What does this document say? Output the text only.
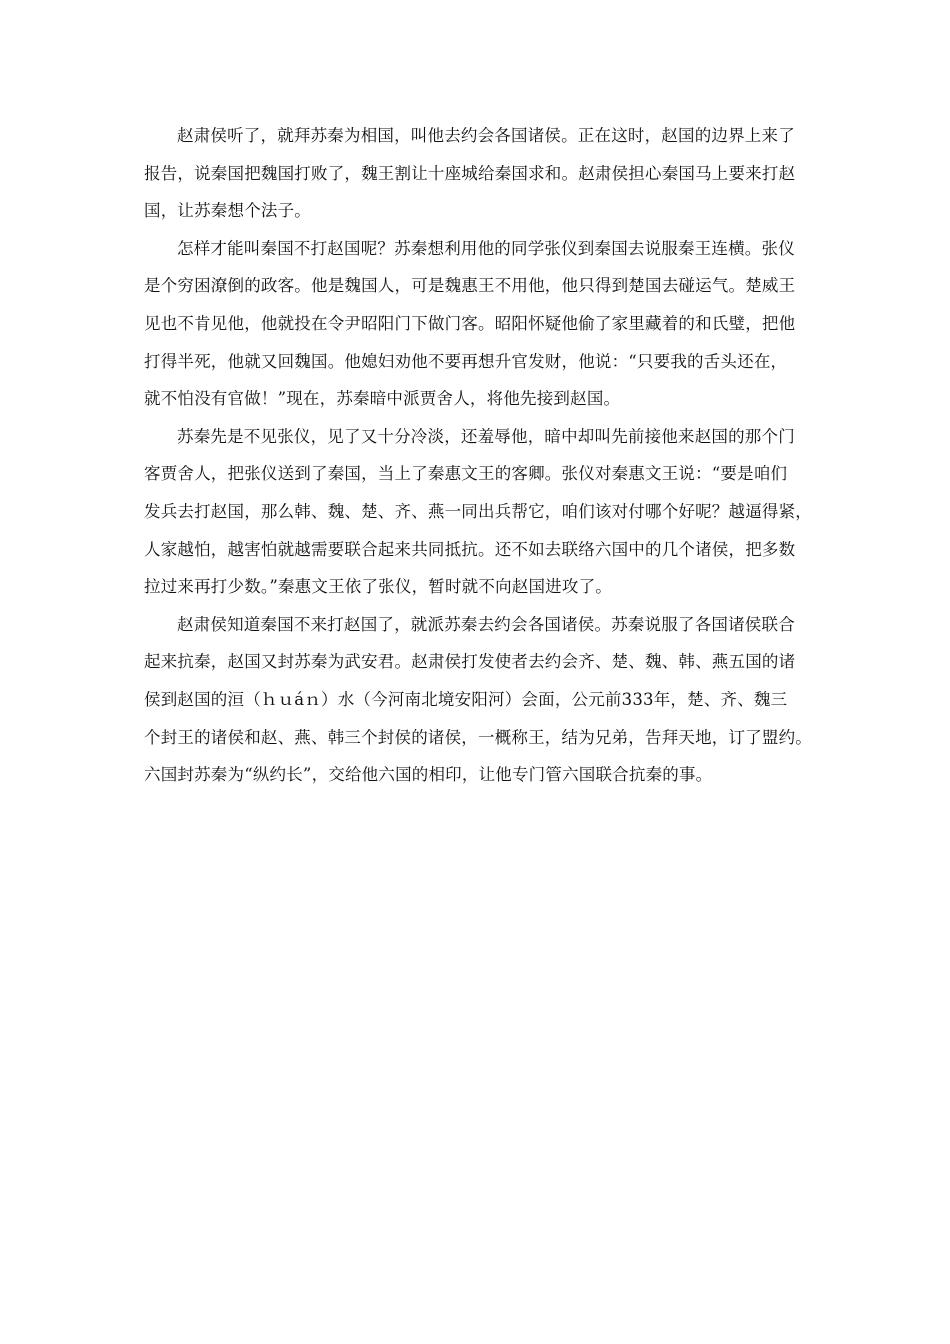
赵肃侯听了，就拜苏秦为相国，叫他去约会各国诸侯。正在这时，赵国的边界上来了
报告，说秦国把魏国打败了，魏王割让十座城给秦国求和。赵肃侯担心秦国马上要来打赵
国，让苏秦想个法子。

怎样才能叫秦国不打赵国呢？苏秦想利用他的同学张仪到秦国去说服秦王连横。张仪
是个穷困潦倒的政客。他是魏国人，可是魏惠王不用他，他只得到楚国去碰运气。楚威王
见也不肯见他，他就投在令尹昭阳门下做门客。昭阳怀疑他偷了家里藏着的和氏璧，把他
打得半死，他就又回魏国。他媳妇劝他不要再想升官发财，他说：“只要我的舌头还在，
就不怕没有官做！”现在，苏秦暗中派贾舍人，将他先接到赵国。

苏秦先是不见张仪，见了又十分冷淡，还羞辱他，暗中却叫先前接他来赵国的那个门
客贾舍人，把张仪送到了秦国，当上了秦惠文王的客卿。张仪对秦惠文王说：“要是咱们
发兵去打赵国，那么韩、魏、楚、齐、燕一同出兵帮它，咱们该对付哪个好呢？越逼得紧，
人家越怕，越害怕就越需要联合起来共同抵抗。还不如去联络六国中的几个诸侯，把多数
拉过来再打少数。”秦惠文王依了张仪，暂时就不向赵国进攻了。

赵肃侯知道秦国不来打赵国了，就派苏秦去约会各国诸侯。苏秦说服了各国诸侯联合
起来抗秦，赵国又封苏秦为武安君。赵肃侯打发使者去约会齐、楚、魏、韩、燕五国的诸
侯到赵国的洹（ｈｕáｎ）水（今河南北境安阳河）会面，公元前333年，楚、齐、魏三
个封王的诸侯和赵、燕、韩三个封侯的诸侯，一概称王，结为兄弟，告拜天地，订了盟约。
六国封苏秦为“纵约长”，交给他六国的相印，让他专门管六国联合抗秦的事。
